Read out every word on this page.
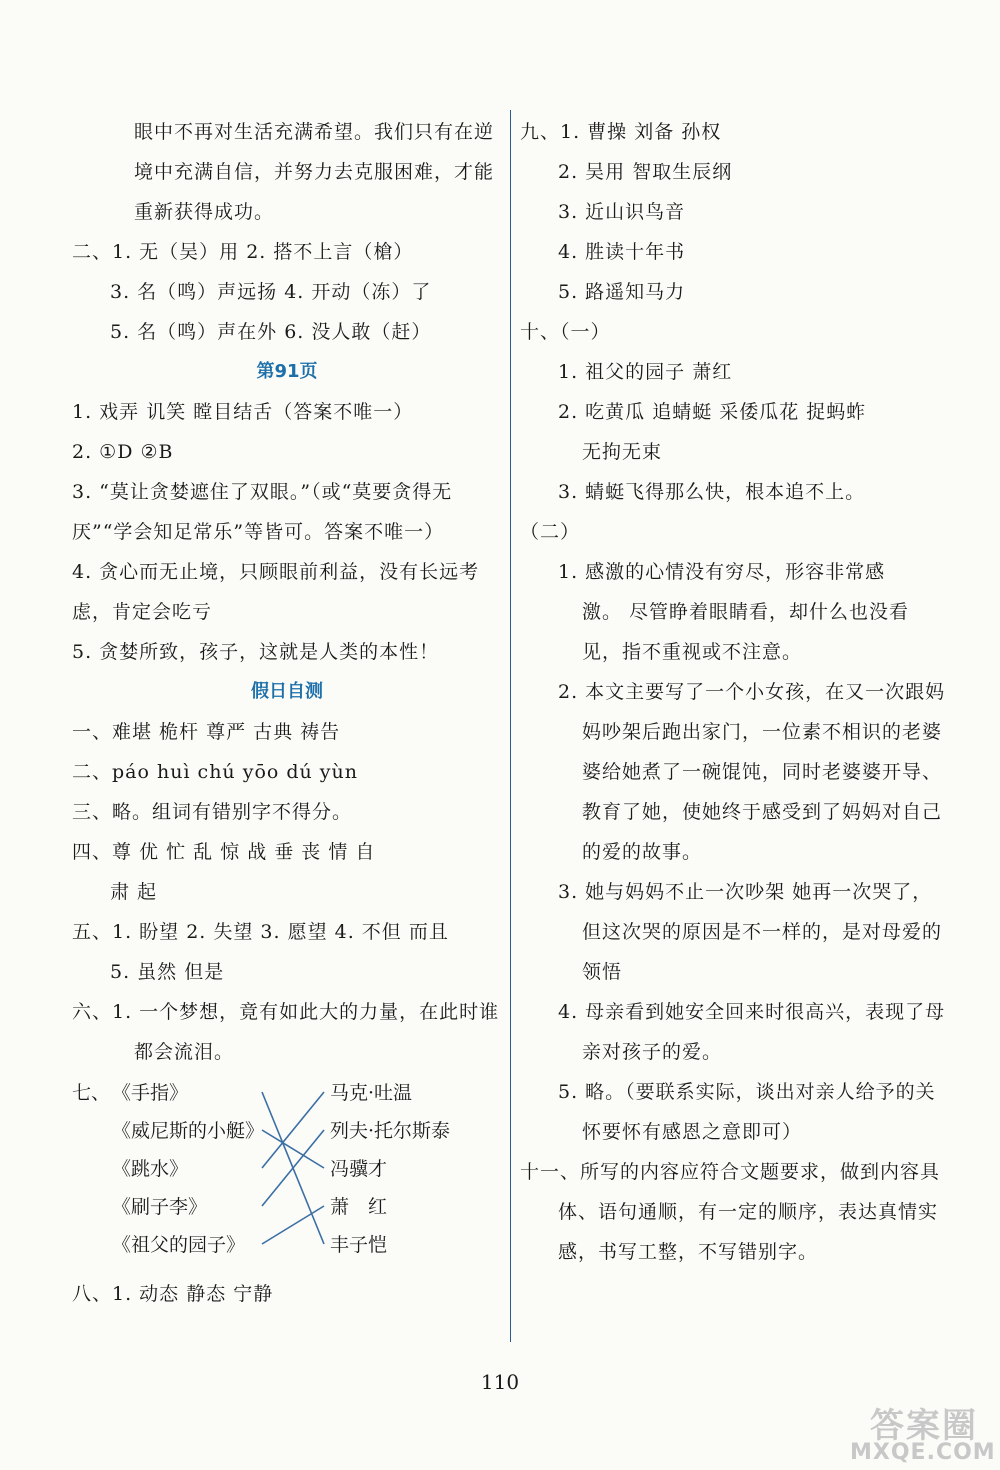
眼中不再对生活充满希望。我们只有在逆
境中充满自信，并努力去克服困难，才能
重新获得成功。
二、1. 无（吴）用 2. 搭不上言（槍）
3. 名（鸣）声远扬 4. 开动（冻）了
5. 名（鸣）声在外 6. 没人敢（赶）
第91页
1. 戏弄 讥笑 瞠目结舌（答案不唯一）
2. ①D ②B
3. “莫让贪婪遮住了双眼。”（或“莫要贪得无
厌”“学会知足常乐”等皆可。答案不唯一）
4. 贪心而无止境，只顾眼前利益，没有长远考
虑，肯定会吃亏
5. 贪婪所致，孩子，这就是人类的本性！
假日自测
一、难堪 桅杆 尊严 古典 祷告
二、páo huì chú yōo dú yùn
三、略。组词有错别字不得分。
四、尊 优 忙 乱 惊 战 垂 丧 情 自
肃 起
五、1. 盼望 2. 失望 3. 愿望 4. 不但 而且
5. 虽然 但是
六、1. 一个梦想，竟有如此大的力量，在此时谁
都会流泪。
七、 《手指》
《威尼斯的小艇》
《跳水》
《刷子李》
《祖父的园子》
马克·吐温
列夫·托尔斯泰
冯骥才
萧　红
丰子恺
八、1. 动态 静态 宁静
九、1. 曹操 刘备 孙权
2. 吴用 智取生辰纲
3. 近山识鸟音
4. 胜读十年书
5. 路遥知马力
十、（一）
1. 祖父的园子 萧红
2. 吃黄瓜 追蜻蜓 采倭瓜花 捉蚂蚱
无拘无束
3. 蜻蜓飞得那么快，根本追不上。
（二）
1. 感激的心情没有穷尽，形容非常感
激。 尽管睁着眼睛看，却什么也没看
见，指不重视或不注意。
2. 本文主要写了一个小女孩，在又一次跟妈
妈吵架后跑出家门，一位素不相识的老婆
婆给她煮了一碗馄饨，同时老婆婆开导、
教育了她，使她终于感受到了妈妈对自己
的爱的故事。
3. 她与妈妈不止一次吵架 她再一次哭了，
但这次哭的原因是不一样的，是对母爱的
领悟
4. 母亲看到她安全回来时很高兴，表现了母
亲对孩子的爱。
5. 略。（要联系实际，谈出对亲人给予的关
怀要怀有感恩之意即可）
十一、所写的内容应符合文题要求，做到内容具
体、语句通顺，有一定的顺序，表达真情实
感，书写工整，不写错别字。
110
答案圈
MXQE.COM
